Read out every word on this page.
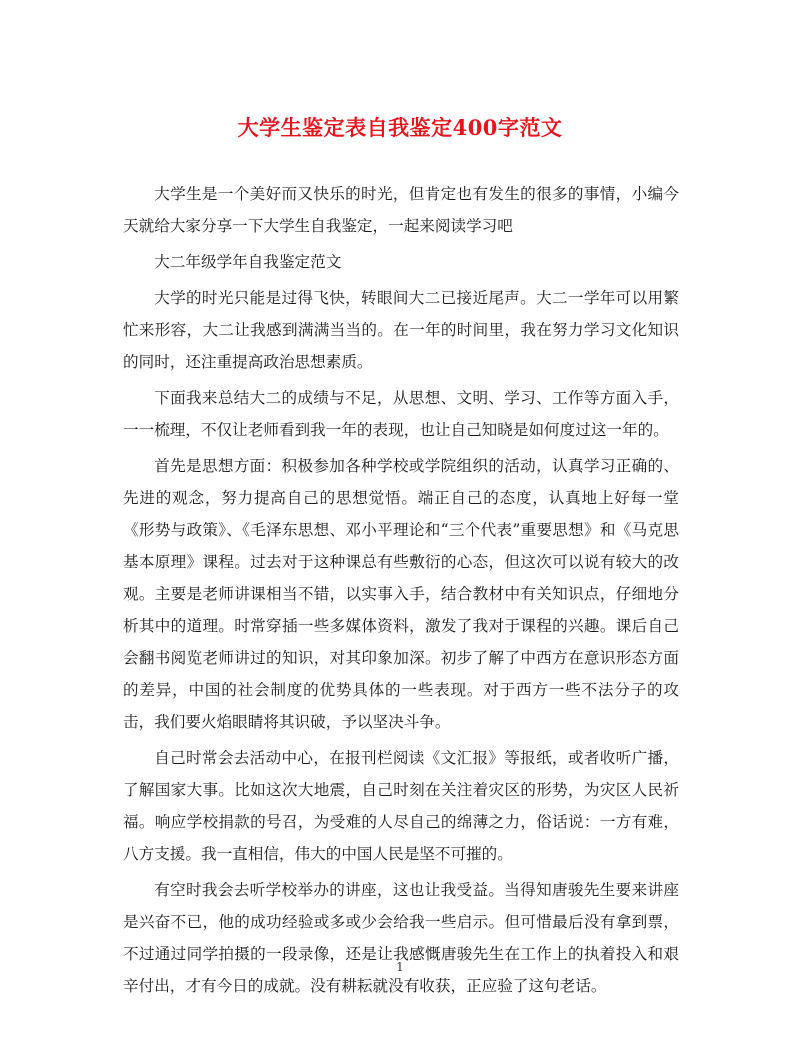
大学生鉴定表自我鉴定400字范文

大学生是一个美好而又快乐的时光，但肯定也有发生的很多的事情，小编今天就给大家分享一下大学生自我鉴定，一起来阅读学习吧

大二年级学年自我鉴定范文

大学的时光只能是过得飞快，转眼间大二已接近尾声。大二一学年可以用繁忙来形容，大二让我感到满满当当的。在一年的时间里，我在努力学习文化知识的同时，还注重提高政治思想素质。

下面我来总结大二的成绩与不足，从思想、文明、学习、工作等方面入手，一一梳理，不仅让老师看到我一年的表现，也让自己知晓是如何度过这一年的。

首先是思想方面：积极参加各种学校或学院组织的活动，认真学习正确的、先进的观念，努力提高自己的思想觉悟。端正自己的态度，认真地上好每一堂《形势与政策》、《毛泽东思想、邓小平理论和“三个代表”重要思想》和《马克思基本原理》课程。过去对于这种课总有些敷衍的心态，但这次可以说有较大的改观。主要是老师讲课相当不错，以实事入手，结合教材中有关知识点，仔细地分析其中的道理。时常穿插一些多媒体资料，激发了我对于课程的兴趣。课后自己会翻书阅览老师讲过的知识，对其印象加深。初步了解了中西方在意识形态方面的差异，中国的社会制度的优势具体的一些表现。对于西方一些不法分子的攻击，我们要火焰眼睛将其识破，予以坚决斗争。

自己时常会去活动中心，在报刊栏阅读《文汇报》等报纸，或者收听广播，了解国家大事。比如这次大地震，自己时刻在关注着灾区的形势，为灾区人民祈福。响应学校捐款的号召，为受难的人尽自己的绵薄之力，俗话说：一方有难，八方支援。我一直相信，伟大的中国人民是坚不可摧的。

有空时我会去听学校举办的讲座，这也让我受益。当得知唐骏先生要来讲座是兴奋不已，他的成功经验或多或少会给我一些启示。但可惜最后没有拿到票，不过通过同学拍摄的一段录像，还是让我感慨唐骏先生在工作上的执着投入和艰辛付出，才有今日的成就。没有耕耘就没有收获，正应验了这句老话。

1
